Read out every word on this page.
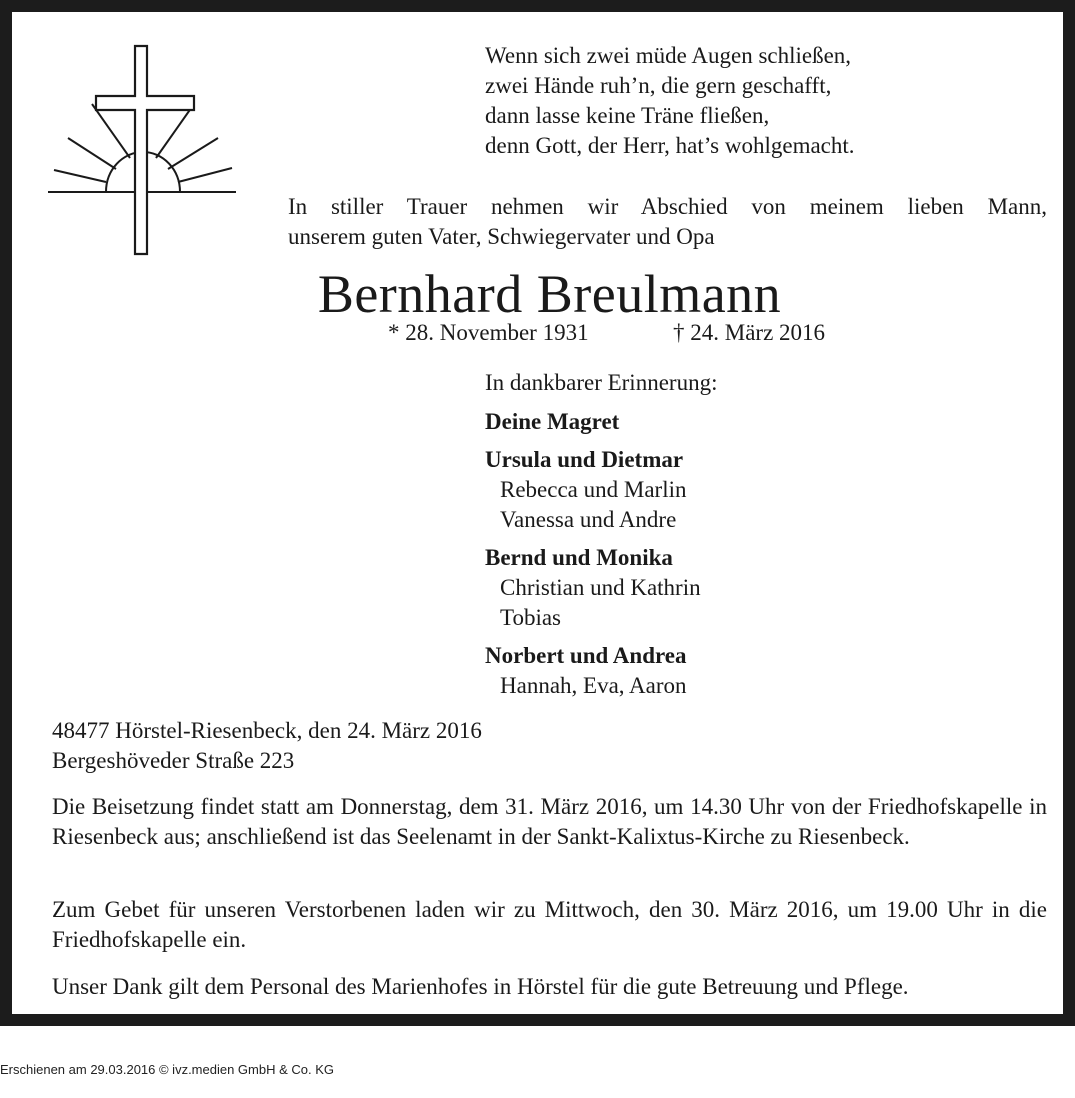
Wenn sich zwei müde Augen schließen,
zwei Hände ruh’n, die gern geschafft,
dann lasse keine Träne fließen,
denn Gott, der Herr, hat’s wohlgemacht.
In stiller Trauer nehmen wir Abschied von meinem lieben Mann,
unserem guten Vater, Schwiegervater und Opa
Bernhard Breulmann
* 28. November 1931	† 24. März 2016
In dankbarer Erinnerung:
Deine Magret
Ursula und Dietmar
Rebecca und Marlin
Vanessa und Andre
Bernd und Monika
Christian und Kathrin
Tobias
Norbert und Andrea
Hannah, Eva, Aaron
48477 Hörstel-Riesenbeck, den 24. März 2016
Bergeshöveder Straße 223
Die Beisetzung findet statt am Donnerstag, dem 31. März 2016, um 14.30 Uhr von der Friedhofskapelle in Riesenbeck aus; anschließend ist das Seelenamt in der Sankt-Kalixtus-Kirche zu Riesenbeck.
Zum Gebet für unseren Verstorbenen laden wir zu Mittwoch, den 30. März 2016, um 19.00 Uhr in die Friedhofskapelle ein.
Unser Dank gilt dem Personal des Marienhofes in Hörstel für die gute Betreuung und Pflege.
Erschienen am 29.03.2016 © ivz.medien GmbH & Co. KG
